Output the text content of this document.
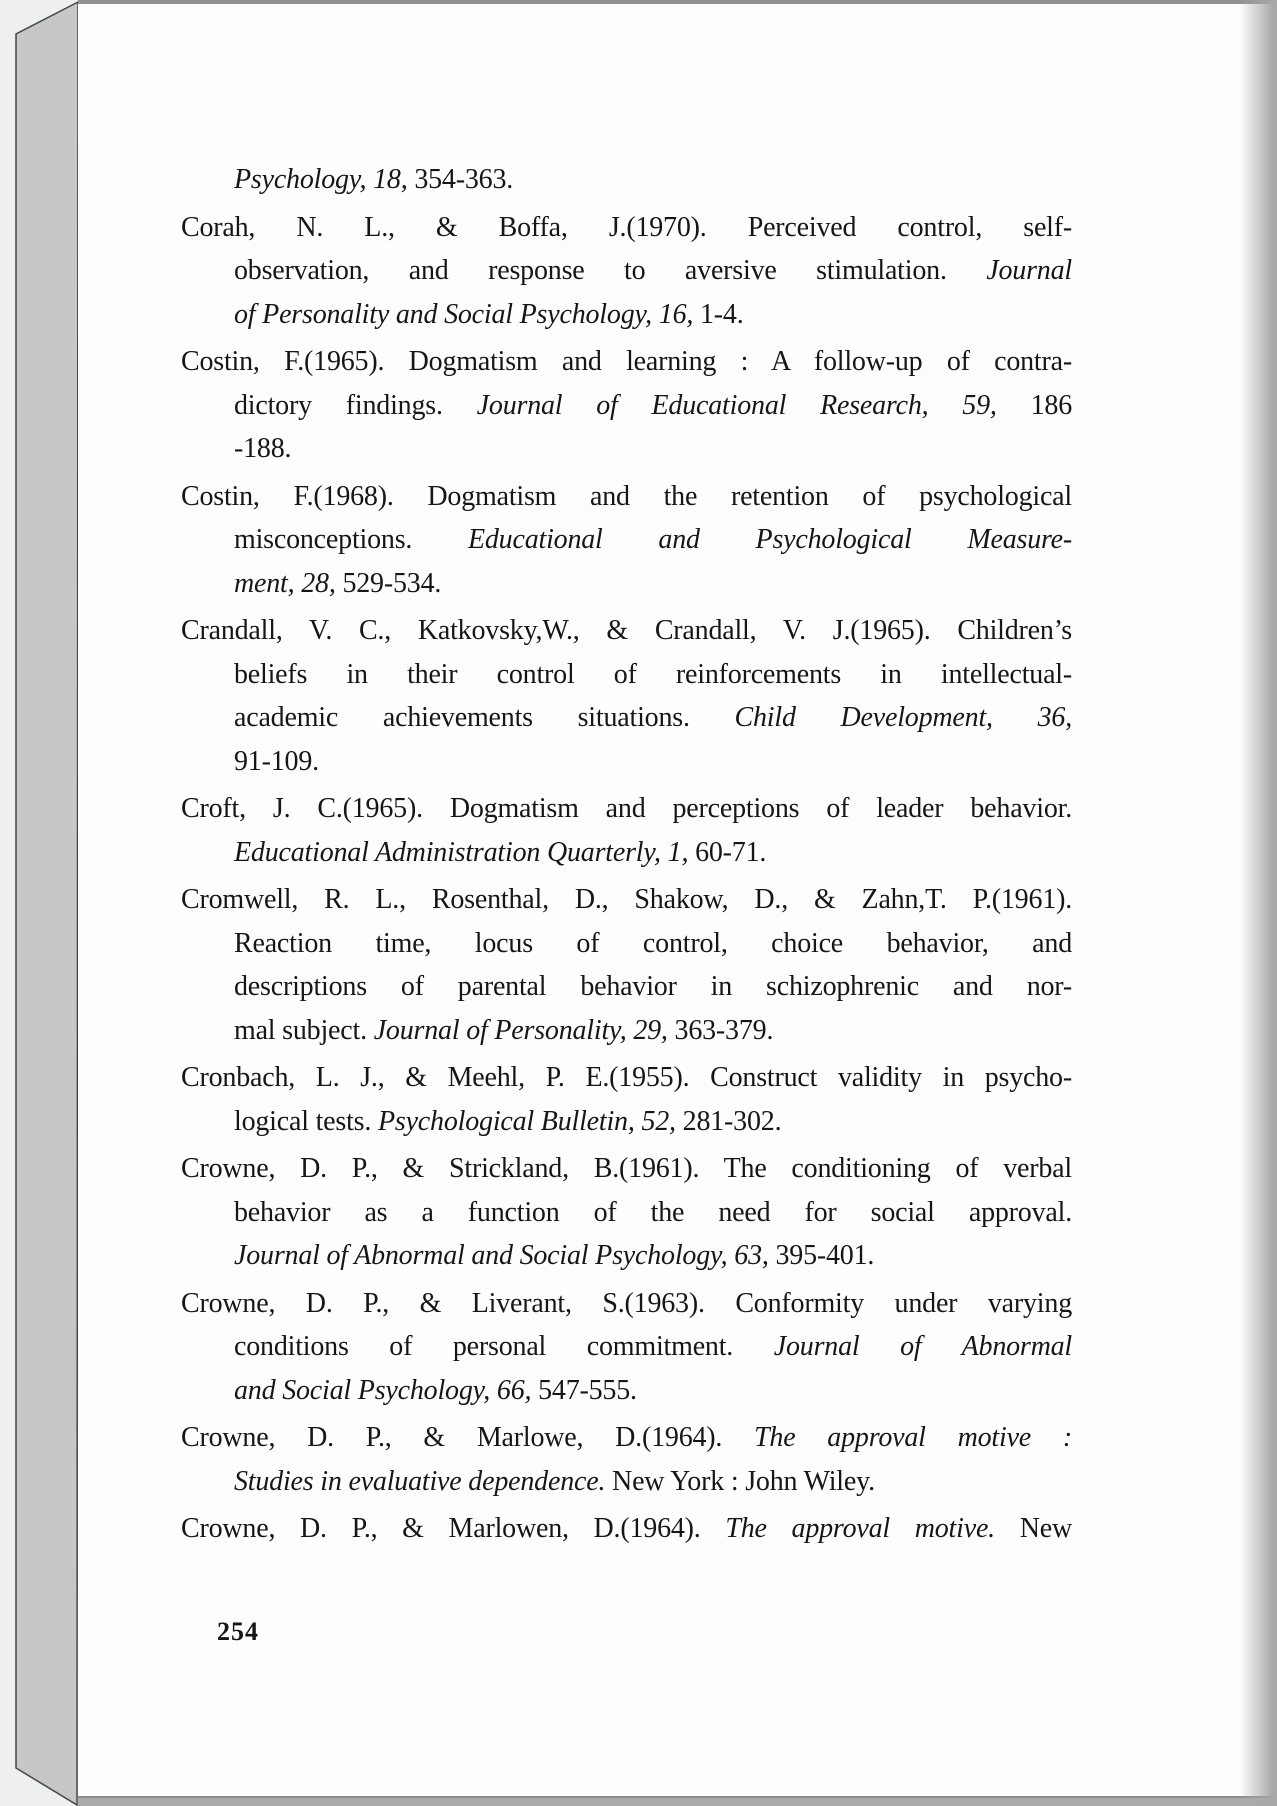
Psychology, 18, 354-363.
Corah, N. L., & Boffa, J.(1970). Perceived control, self-
observation, and response to aversive stimulation. Journal
of Personality and Social Psychology, 16, 1-4.
Costin, F.(1965). Dogmatism and learning : A follow-up of contra-
dictory findings. Journal of Educational Research, 59, 186
-188.
Costin, F.(1968). Dogmatism and the retention of psychological
misconceptions. Educational and Psychological Measure-
ment, 28, 529-534.
Crandall, V. C., Katkovsky,W., & Crandall, V. J.(1965). Children’s
beliefs in their control of reinforcements in intellectual-
academic achievements situations. Child Development, 36,
91-109.
Croft, J. C.(1965). Dogmatism and perceptions of leader behavior.
Educational Administration Quarterly, 1, 60-71.
Cromwell, R. L., Rosenthal, D., Shakow, D., & Zahn,T. P.(1961).
Reaction time, locus of control, choice behavior, and
descriptions of parental behavior in schizophrenic and nor-
mal subject. Journal of Personality, 29, 363-379.
Cronbach, L. J., & Meehl, P. E.(1955). Construct validity in psycho-
logical tests. Psychological Bulletin, 52, 281-302.
Crowne, D. P., & Strickland, B.(1961). The conditioning of verbal
behavior as a function of the need for social approval.
Journal of Abnormal and Social Psychology, 63, 395-401.
Crowne, D. P., & Liverant, S.(1963). Conformity under varying
conditions of personal commitment. Journal of Abnormal
and Social Psychology, 66, 547-555.
Crowne, D. P., & Marlowe, D.(1964). The approval motive :
Studies in evaluative dependence. New York : John Wiley.
Crowne, D. P., & Marlowen, D.(1964). The approval motive. New
254
